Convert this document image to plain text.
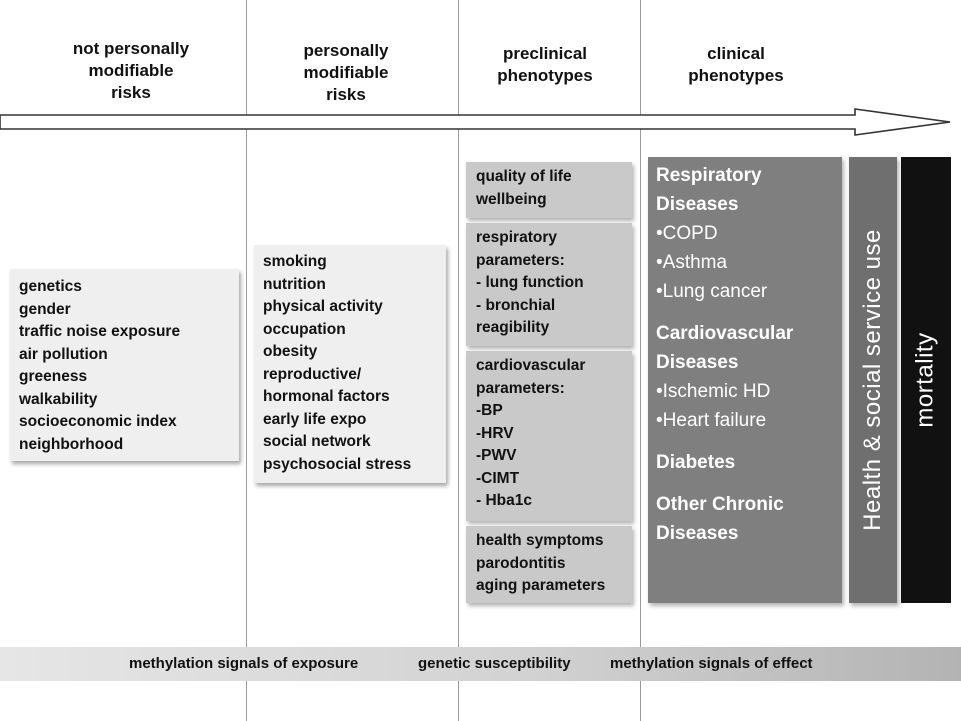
not personally
modifiable
risks
personally
modifiable
risks
preclinical
phenotypes
clinical
phenotypes
genetics
gender
traffic noise exposure
air pollution
greeness
walkability
socioeconomic index
neighborhood
smoking
nutrition
physical activity
occupation
obesity
reproductive/
hormonal factors
early life expo
social network
psychosocial stress
quality of life
wellbeing
respiratory
parameters:
- lung function
- bronchial
reagibility
cardiovascular
parameters:
-BP
-HRV
-PWV
-CIMT
- Hba1c
health symptoms
parodontitis
aging parameters
Respiratory
Diseases
•COPD
•Asthma
•Lung cancer
Cardiovascular
Diseases
•Ischemic HD
•Heart failure
Diabetes
Other Chronic
Diseases
Health & social service use mortality
methylation signals of exposure	genetic susceptibility	methylation signals of effect
